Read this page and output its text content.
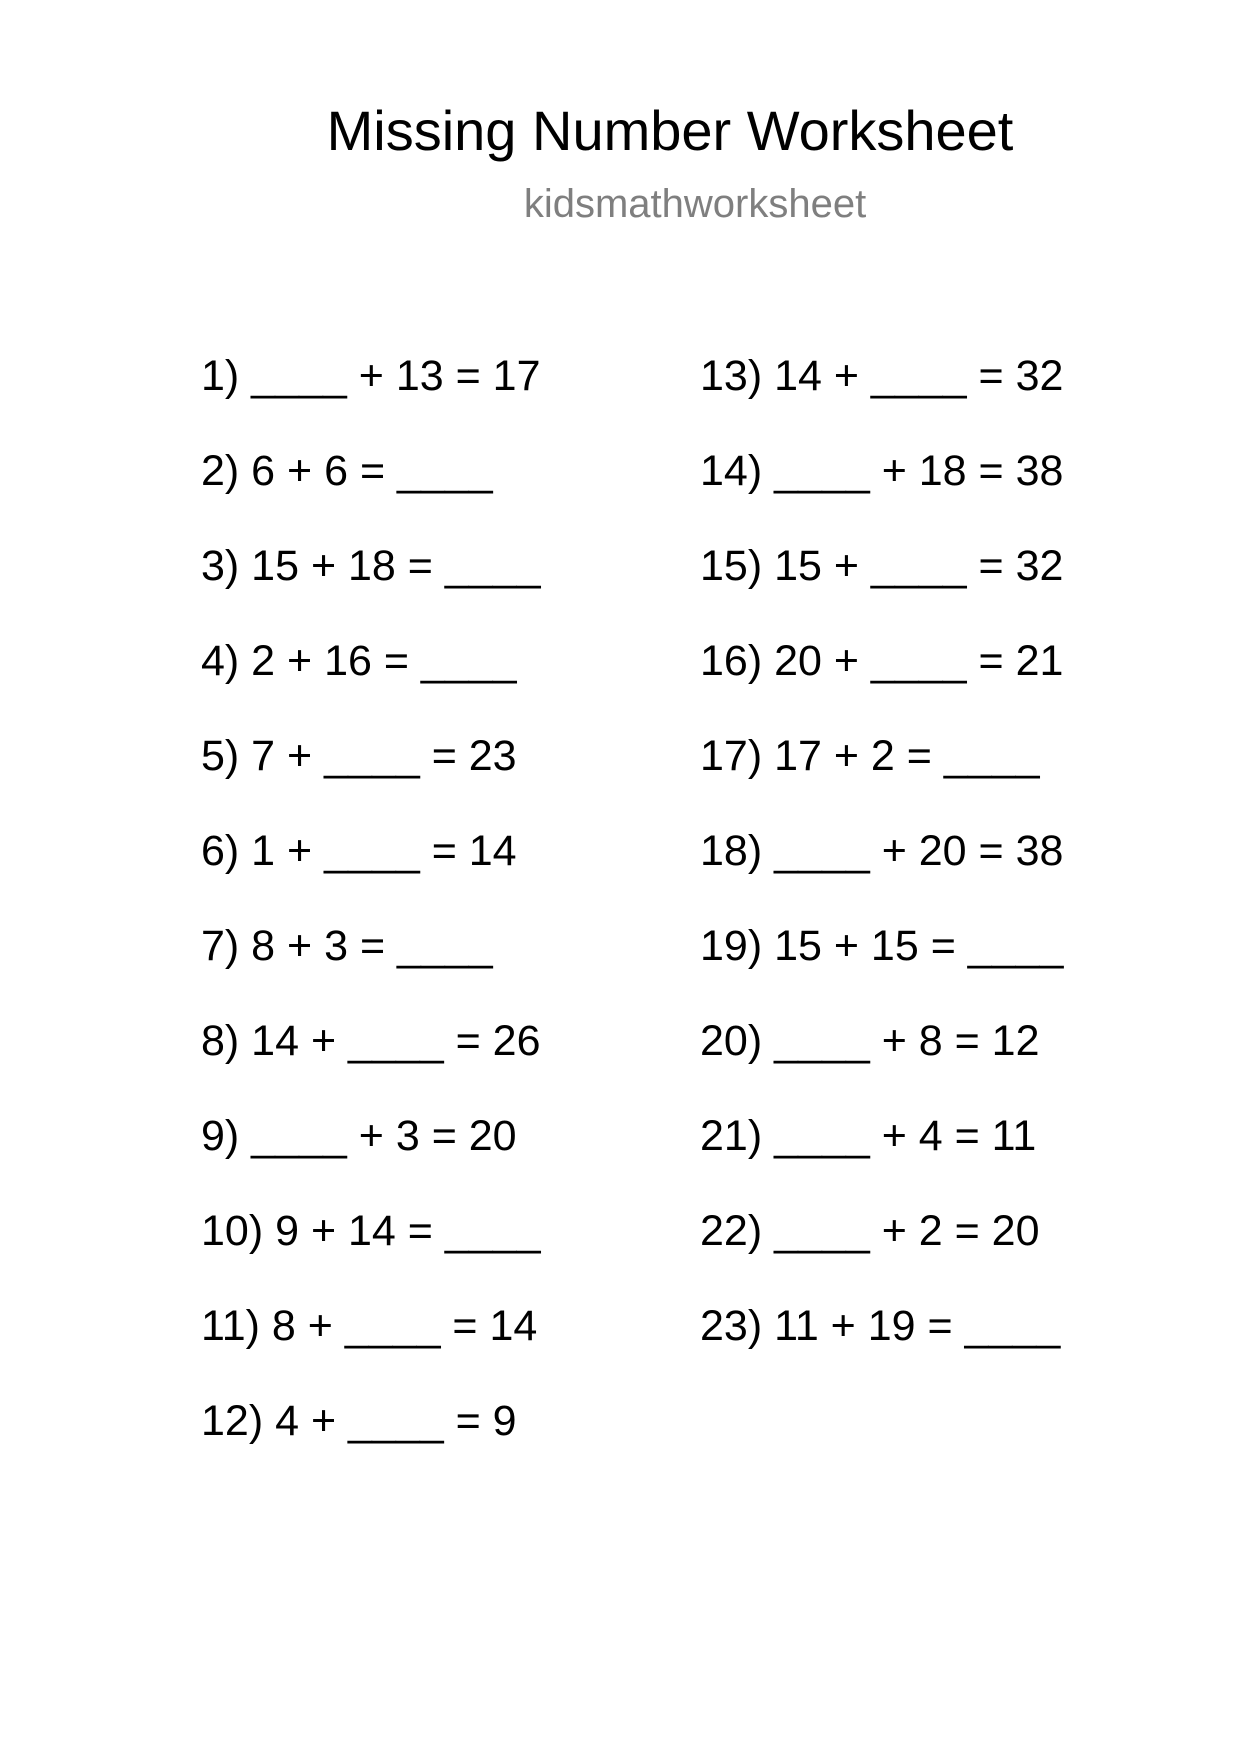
Missing Number Worksheet
kidsmathworksheet
1) ____ + 13 = 17
2) 6 + 6 = ____
3) 15 + 18 = ____
4) 2 + 16 = ____
5) 7 + ____ = 23
6) 1 + ____ = 14
7) 8 + 3 = ____
8) 14 + ____ = 26
9) ____ + 3 = 20
10) 9 + 14 = ____
11) 8 + ____ = 14
12) 4 + ____ = 9
13) 14 + ____ = 32
14) ____ + 18 = 38
15) 15 + ____ = 32
16) 20 + ____ = 21
17) 17 + 2 = ____
18) ____ + 20 = 38
19) 15 + 15 = ____
20) ____ + 8 = 12
21) ____ + 4 = 11
22) ____ + 2 = 20
23) 11 + 19 = ____
